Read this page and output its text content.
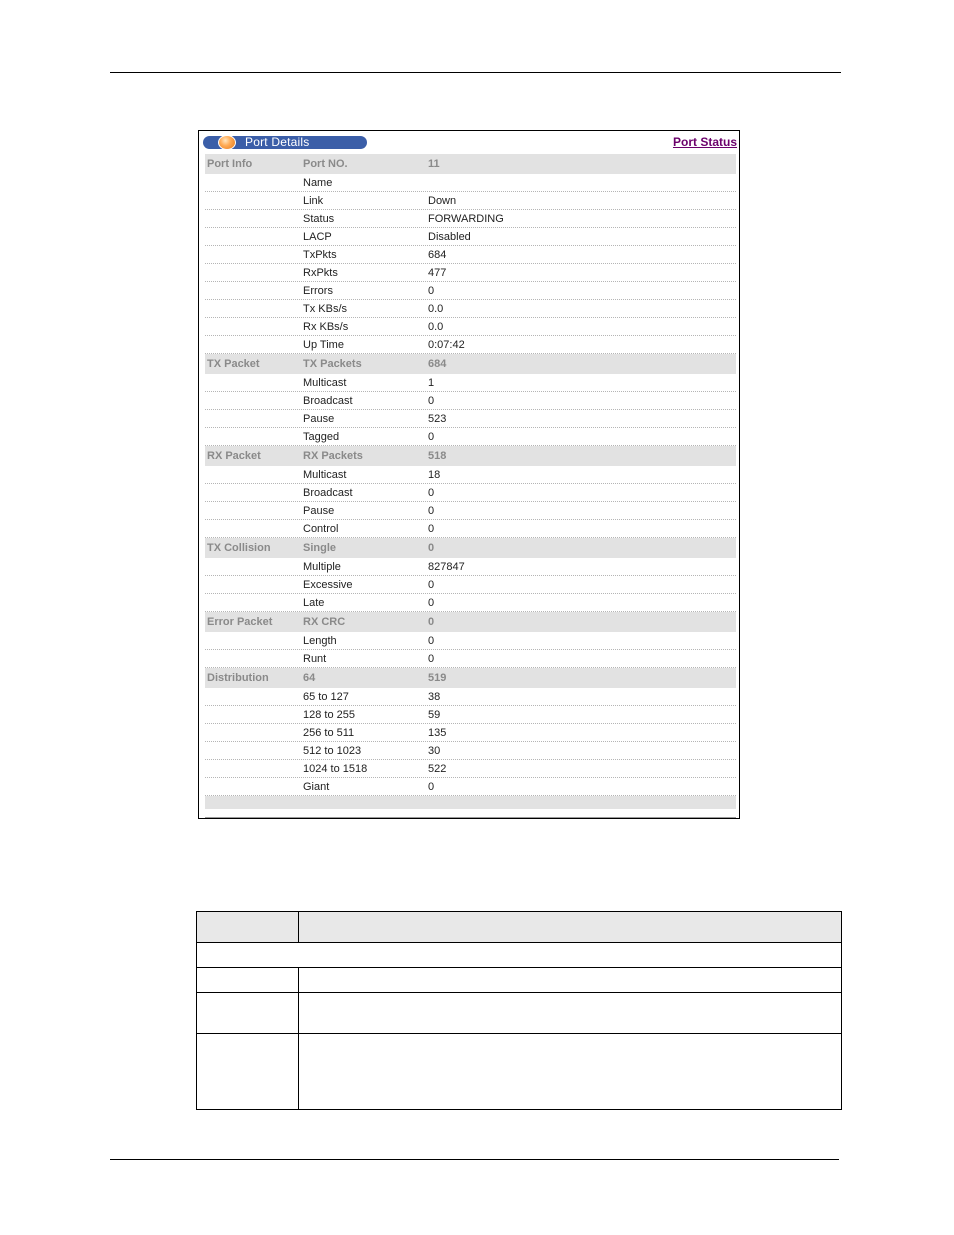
Port Details	Port Status
Port Info	Port NO.	11
Name
Link	Down
Status	FORWARDING
LACP	Disabled
TxPkts	684
RxPkts	477
Errors	0
Tx KBs/s	0.0
Rx KBs/s	0.0
Up Time	0:07:42
TX Packet	TX Packets	684
Multicast	1
Broadcast	0
Pause	523
Tagged	0
RX Packet	RX Packets	518
Multicast	18
Broadcast	0
Pause	0
Control	0
TX Collision	Single	0
Multiple	827847
Excessive	0
Late	0
Error Packet	RX CRC	0
Length	0
Runt	0
Distribution	64	519
65 to 127	38
128 to 255	59
256 to 511	135
512 to 1023	30
1024 to 1518	522
Giant	0
